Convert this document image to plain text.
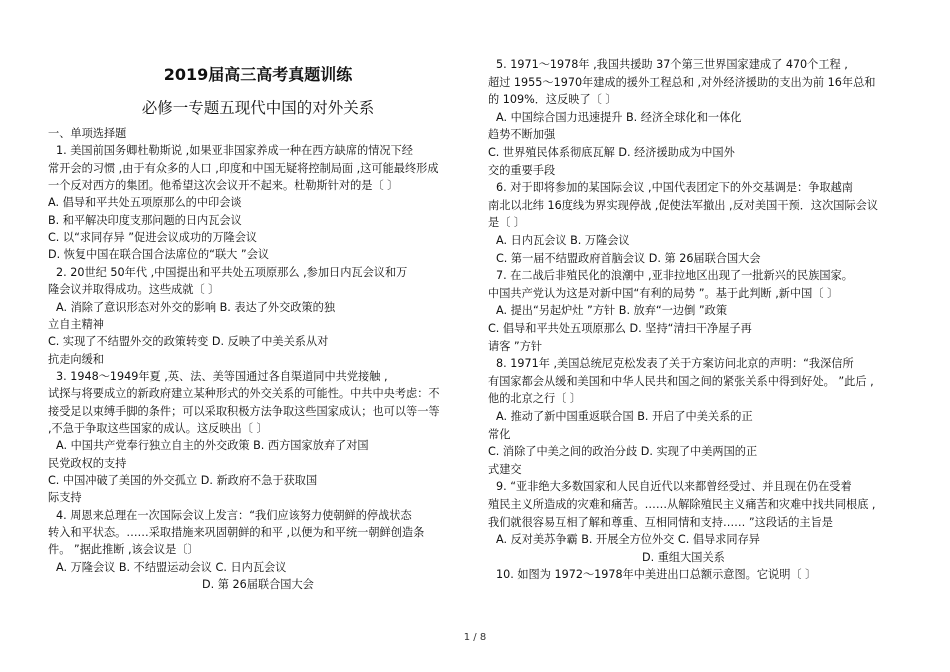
2019届高三高考真题训练
必修一专题五现代中国的对外关系
一、单项选择题
1. 美国前国务卿杜勒斯说 ,如果亚非国家养成一种在西方缺席的情况下经
常开会的习惯 ,由于有众多的人口 ,印度和中国无疑将控制局面 ,这可能最终形成
一个反对西方的集团。他希望这次会议开不起来。杜勒斯针对的是〔 〕
A. 倡导和平共处五项原那么的中印会谈
B. 和平解决印度支那问题的日内瓦会议
C. 以“求同存异 ”促进会议成功的万隆会议
D. 恢复中国在联合国合法席位的“联大 ”会议
2. 20世纪 50年代 ,中国提出和平共处五项原那么 ,参加日内瓦会议和万
隆会议并取得成功。这些成就〔 〕
A. 消除了意识形态对外交的影响 B. 表达了外交政策的独
立自主精神
C. 实现了不结盟外交的政策转变 D. 反映了中美关系从对
抗走向缓和
3. 1948～1949年夏 ,英、法、美等国通过各自渠道同中共党接触 ,
试探与将要成立的新政府建立某种形式的外交关系的可能性。中共中央考虑：不
接受足以束缚手脚的条件；可以采取积极方法争取这些国家成认；也可以等一等
,不急于争取这些国家的成认。这反映出〔 〕
A. 中国共产党奉行独立自主的外交政策 B. 西方国家放弃了对国
民党政权的支持
C. 中国冲破了美国的外交孤立 D. 新政府不急于获取国
际支持
4. 周恩来总理在一次国际会议上发言：“我们应该努力使朝鲜的停战状态
转入和平状态。……采取措施来巩固朝鲜的和平 ,以便为和平统一朝鲜创造条
件。 ”据此推断 ,该会议是〔〕
A. 万隆会议 B. 不结盟运动会议 C. 日内瓦会议
D. 第 26届联合国大会
5. 1971～1978年 ,我国共援助 37个第三世界国家建成了 470个工程 ,
超过 1955～1970年建成的援外工程总和 ,对外经济援助的支出为前 16年总和
的 109%．这反映了〔 〕
A. 中国综合国力迅速提升 B. 经济全球化和一体化
趋势不断加强
C. 世界殖民体系彻底瓦解 D. 经济援助成为中国外
交的重要手段
6. 对于即将参加的某国际会议 ,中国代表团定下的外交基调是：争取越南
南北以北纬 16度线为界实现停战 ,促使法军撤出 ,反对美国干预．这次国际会议
是〔 〕
A. 日内瓦会议 B. 万隆会议
C. 第一届不结盟政府首脑会议 D. 第 26届联合国大会
7. 在二战后非殖民化的浪潮中 ,亚非拉地区出现了一批新兴的民族国家。
中国共产党认为这是对新中国“有利的局势 ”。基于此判断 ,新中国〔 〕
A. 提出“另起炉灶 ”方针 B. 放弃“一边倒 ”政策
C. 倡导和平共处五项原那么 D. 坚持“清扫干净屋子再
请客 ”方针
8. 1971年 ,美国总统尼克松发表了关于方案访问北京的声明：“我深信所
有国家都会从缓和美国和中华人民共和国之间的紧张关系中得到好处。 ”此后 ,
他的北京之行〔 〕
A. 推动了新中国重返联合国 B. 开启了中美关系的正
常化
C. 消除了中美之间的政治分歧 D. 实现了中美两国的正
式建交
9. “亚非绝大多数国家和人民自近代以来都曾经受过、并且现在仍在受着
殖民主义所造成的灾难和痛苦。……从解除殖民主义痛苦和灾难中找共同根底 ,
我们就很容易互相了解和尊重、互相同情和支持…… ”这段话的主旨是
A. 反对美苏争霸 B. 开展全方位外交 C. 倡导求同存异
D. 重组大国关系
10. 如图为 1972～1978年中美进出口总额示意图。它说明〔 〕
1 / 8
